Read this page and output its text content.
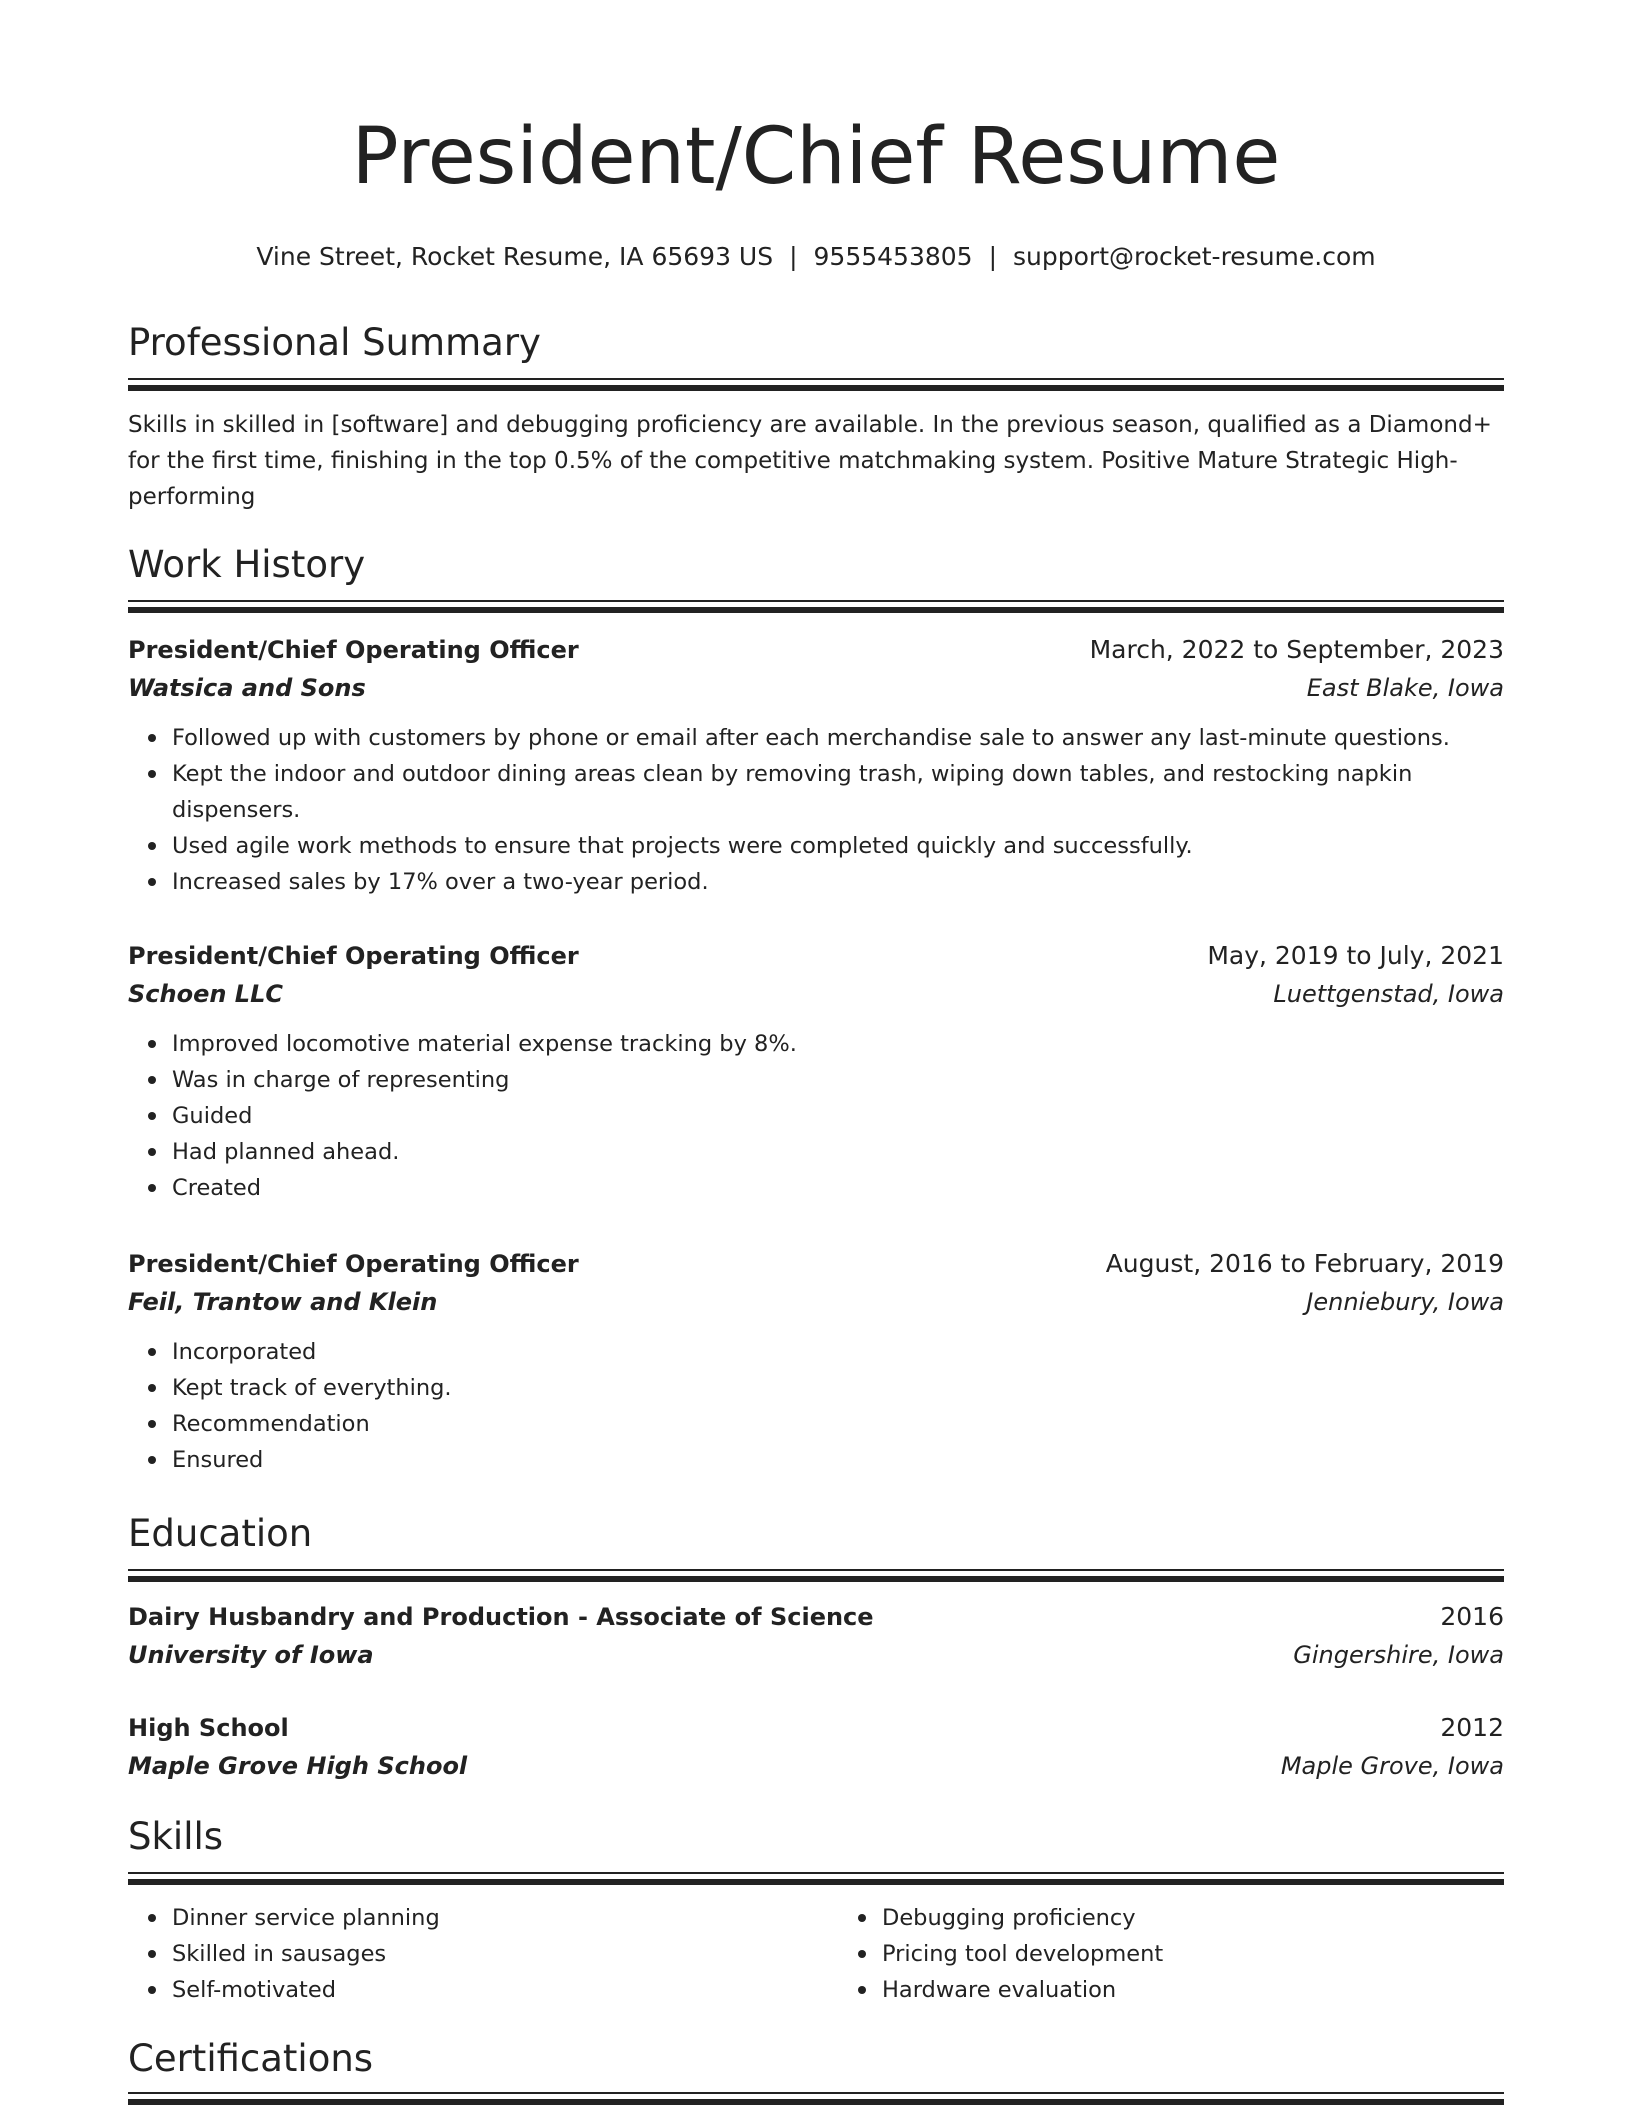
President/Chief Resume
Vine Street, Rocket Resume, IA 65693 US | 9555453805 | support@rocket-resume.com
Professional Summary

Skills in skilled in [software] and debugging proficiency are available. In the previous season, qualified as a Diamond+ for the first time, finishing in the top 0.5% of the competitive matchmaking system. Positive Mature Strategic High-performing

Work History
President/Chief Operating Officer	March, 2022 to September, 2023
Watsica and Sons	East Blake, Iowa
Followed up with customers by phone or email after each merchandise sale to answer any last-minute questions.
Kept the indoor and outdoor dining areas clean by removing trash, wiping down tables, and restocking napkin dispensers.
Used agile work methods to ensure that projects were completed quickly and successfully.
Increased sales by 17% over a two-year period.
President/Chief Operating Officer	May, 2019 to July, 2021
Schoen LLC	Luettgenstad, Iowa
Improved locomotive material expense tracking by 8%.
Was in charge of representing
Guided
Had planned ahead.
Created
President/Chief Operating Officer	August, 2016 to February, 2019
Feil, Trantow and Klein	Jenniebury, Iowa
Incorporated
Kept track of everything.
Recommendation
Ensured
Education
Dairy Husbandry and Production - Associate of Science	2016
University of Iowa	Gingershire, Iowa
High School	2012
Maple Grove High School	Maple Grove, Iowa
Skills
Dinner service planning
Skilled in sausages
Self-motivated
Debugging proficiency
Pricing tool development
Hardware evaluation
Certifications
